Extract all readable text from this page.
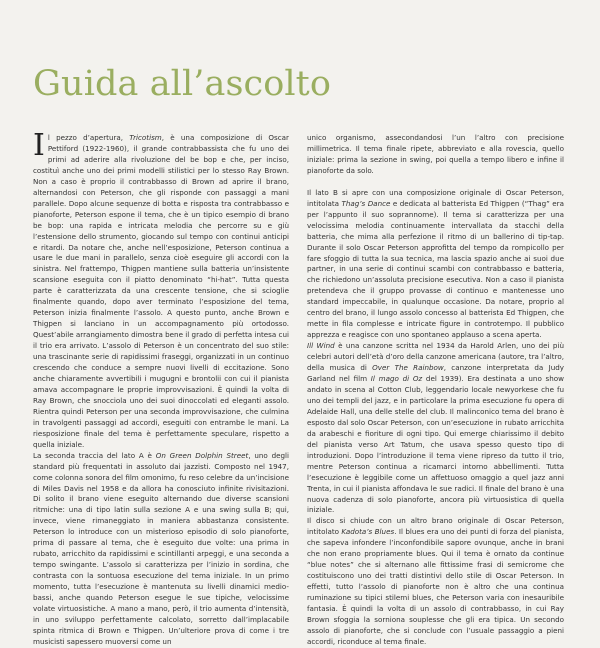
Guida all’ascolto

Il pezzo d’apertura, Tricotism, è una composizione di Oscar Pettiford (1922-1960), il grande contrabbassista che fu uno dei primi ad aderire alla rivoluzione del be bop e che, per inciso, costituì anche uno dei primi modelli stilistici per lo stesso Ray Brown. Non a caso è proprio il contrabbasso di Brown ad aprire il brano, alternandosi con Peterson, che gli risponde con passaggi a mani parallele. Dopo alcune sequenze di botta e risposta tra contrabbasso e pianoforte, Peterson espone il tema, che è un tipico esempio di brano be bop: una rapida e intricata melodia che percorre su e giù l’estensione dello strumento, giocando sul tempo con continui anticipi e ritardi. Da notare che, anche nell’esposizione, Peterson continua a usare le due mani in parallelo, senza cioè eseguire gli accordi con la sinistra. Nel frattempo, Thigpen mantiene sulla batteria un’insistente scansione eseguita con il piatto denominato “hi-hat”. Tutta questa parte è caratterizzata da una crescente tensione, che si scioglie finalmente quando, dopo aver terminato l’esposizione del tema, Peterson inizia finalmente l’assolo. A questo punto, anche Brown e Thigpen si lanciano in un accompagnamento più ortodosso. Quest’abile arrangiamento dimostra bene il grado di perfetta intesa cui il trio era arrivato. L’assolo di Peterson è un concentrato del suo stile: una trascinante serie di rapidissimi fraseggi, organizzati in un continuo crescendo che conduce a sempre nuovi livelli di eccitazione. Sono anche chiaramente avvertibili i mugugni e brontolii con cui il pianista amava accompagnare le proprie improvvisazioni. È quindi la volta di Ray Brown, che snocciola uno dei suoi dinoccolati ed eleganti assolo. Rientra quindi Peterson per una seconda improvvisazione, che culmina in travolgenti passaggi ad accordi, eseguiti con entrambe le mani. La riesposizione finale del tema è perfettamente speculare, rispetto a quella iniziale.

La seconda traccia del lato A è On Green Dolphin Street, uno degli standard più frequentati in assoluto dai jazzisti. Composto nel 1947, come colonna sonora del film omonimo, fu reso celebre da un’incisione di Miles Davis nel 1958 e da allora ha conosciuto infinite rivisitazioni. Di solito il brano viene eseguito alternando due diverse scansioni ritmiche: una di tipo latin sulla sezione A e una swing sulla B; qui, invece, viene rimaneggiato in maniera abbastanza consistente. Peterson lo introduce con un misterioso episodio di solo pianoforte, prima di passare al tema, che è eseguito due volte: una prima in rubato, arricchito da rapidissimi e scintillanti arpeggi, e una seconda a tempo swingante. L’assolo si caratterizza per l’inizio in sordina, che contrasta con la sontuosa esecuzione del tema iniziale. In un primo momento, tutta l’esecuzione è mantenuta su livelli dinamici medio-bassi, anche quando Peterson esegue le sue tipiche, velocissime volate virtuosistiche. A mano a mano, però, il trio aumenta d’intensità, in uno sviluppo perfettamente calcolato, sorretto dall’implacabile spinta ritmica di Brown e Thigpen. Un’ulteriore prova di come i tre musicisti sapessero muoversi come un

unico organismo, assecondandosi l’un l’altro con precisione millimetrica. Il tema finale ripete, abbreviato e alla rovescia, quello iniziale: prima la sezione in swing, poi quella a tempo libero e infine il pianoforte da solo.

Il lato B si apre con una composizione originale di Oscar Peterson, intitolata Thag’s Dance e dedicata al batterista Ed Thigpen (“Thag” era per l’appunto il suo soprannome). Il tema si caratterizza per una velocissima melodia continuamente intervallata da stacchi della batteria, che mima alla perfezione il ritmo di un ballerino di tip-tap. Durante il solo Oscar Peterson approfitta del tempo da rompicollo per fare sfoggio di tutta la sua tecnica, ma lascia spazio anche ai suoi due partner, in una serie di continui scambi con contrabbasso e batteria, che richiedono un’assoluta precisione esecutiva. Non a caso il pianista pretendeva che il gruppo provasse di continuo e mantenesse uno standard impeccabile, in qualunque occasione. Da notare, proprio al centro del brano, il lungo assolo concesso al batterista Ed Thigpen, che mette in fila complesse e intricate figure in controtempo. Il pubblico apprezza e reagisce con uno spontaneo applauso a scena aperta.

Ill Wind è una canzone scritta nel 1934 da Harold Arlen, uno dei più celebri autori dell’età d’oro della canzone americana (autore, tra l’altro, della musica di Over The Rainbow, canzone interpretata da Judy Garland nel film Il mago di Oz del 1939). Era destinata a uno show andato in scena al Cotton Club, leggendario locale newyorkese che fu uno dei templi del jazz, e in particolare la prima esecuzione fu opera di Adelaide Hall, una delle stelle del club. Il malinconico tema del brano è esposto dal solo Oscar Peterson, con un’esecuzione in rubato arricchita da arabeschi e fioriture di ogni tipo. Qui emerge chiarissimo il debito del pianista verso Art Tatum, che usava spesso questo tipo di introduzioni. Dopo l’introduzione il tema viene ripreso da tutto il trio, mentre Peterson continua a ricamarci intorno abbellimenti. Tutta l’esecuzione è leggibile come un affettuoso omaggio a quel jazz anni Trenta, in cui il pianista affondava le sue radici. Il finale del brano è una nuova cadenza di solo pianoforte, ancora più virtuosistica di quella iniziale.

Il disco si chiude con un altro brano originale di Oscar Peterson, intitolato Kadota’s Blues. Il blues era uno dei punti di forza del pianista, che sapeva infondere l’inconfondibile sapore ovunque, anche in brani che non erano propriamente blues. Qui il tema è ornato da continue “blue notes” che si alternano alle fittissime frasi di semicrome che costituiscono uno dei tratti distintivi dello stile di Oscar Peterson. In effetti, tutto l’assolo di pianoforte non è altro che una continua ruminazione su tipici stilemi blues, che Peterson varia con inesauribile fantasia. È quindi la volta di un assolo di contrabbasso, in cui Ray Brown sfoggia la sorniona souplesse che gli era tipica. Un secondo assolo di pianoforte, che si conclude con l’usuale passaggio a pieni accordi, riconduce al tema finale.
